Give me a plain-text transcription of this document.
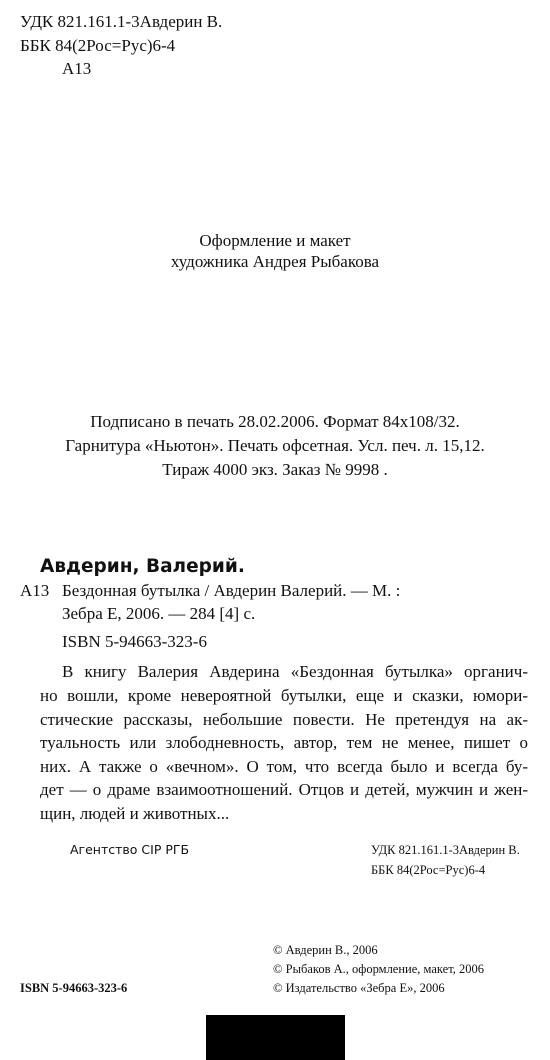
УДК 821.161.1-3Авдерин В.
ББК 84(2Рос=Рус)6-4
А13
Оформление и макет
художника Андрея Рыбакова
Подписано в печать 28.02.2006. Формат 84x108/32.
Гарнитура «Ньютон». Печать офсетная. Усл. печ. л. 15,12.
Тираж 4000 экз. Заказ № 9998 .
Авдерин, Валерий.
А13 Бездонная бутылка / Авдерин Валерий. — М. :
Зебра Е, 2006. — 284 [4] с.
ISBN 5-94663-323-6
В книгу Валерия Авдерина «Бездонная бутылка» органич-
но вошли, кроме невероятной бутылки, еще и сказки, юмори-
стические рассказы, небольшие повести. Не претендуя на ак-
туальность или злободневность, автор, тем не менее, пишет о
них. А также о «вечном». О том, что всегда было и всегда бу-
дет — о драме взаимоотношений. Отцов и детей, мужчин и жен-
щин, людей и животных...
Агентство CIP РГБ	УДК 821.161.1-3Авдерин В.
ББК 84(2Рос=Рус)6-4
© Авдерин В., 2006
© Рыбаков А., оформление, макет, 2006
© Издательство «Зебра Е», 2006
ISBN 5-94663-323-6
